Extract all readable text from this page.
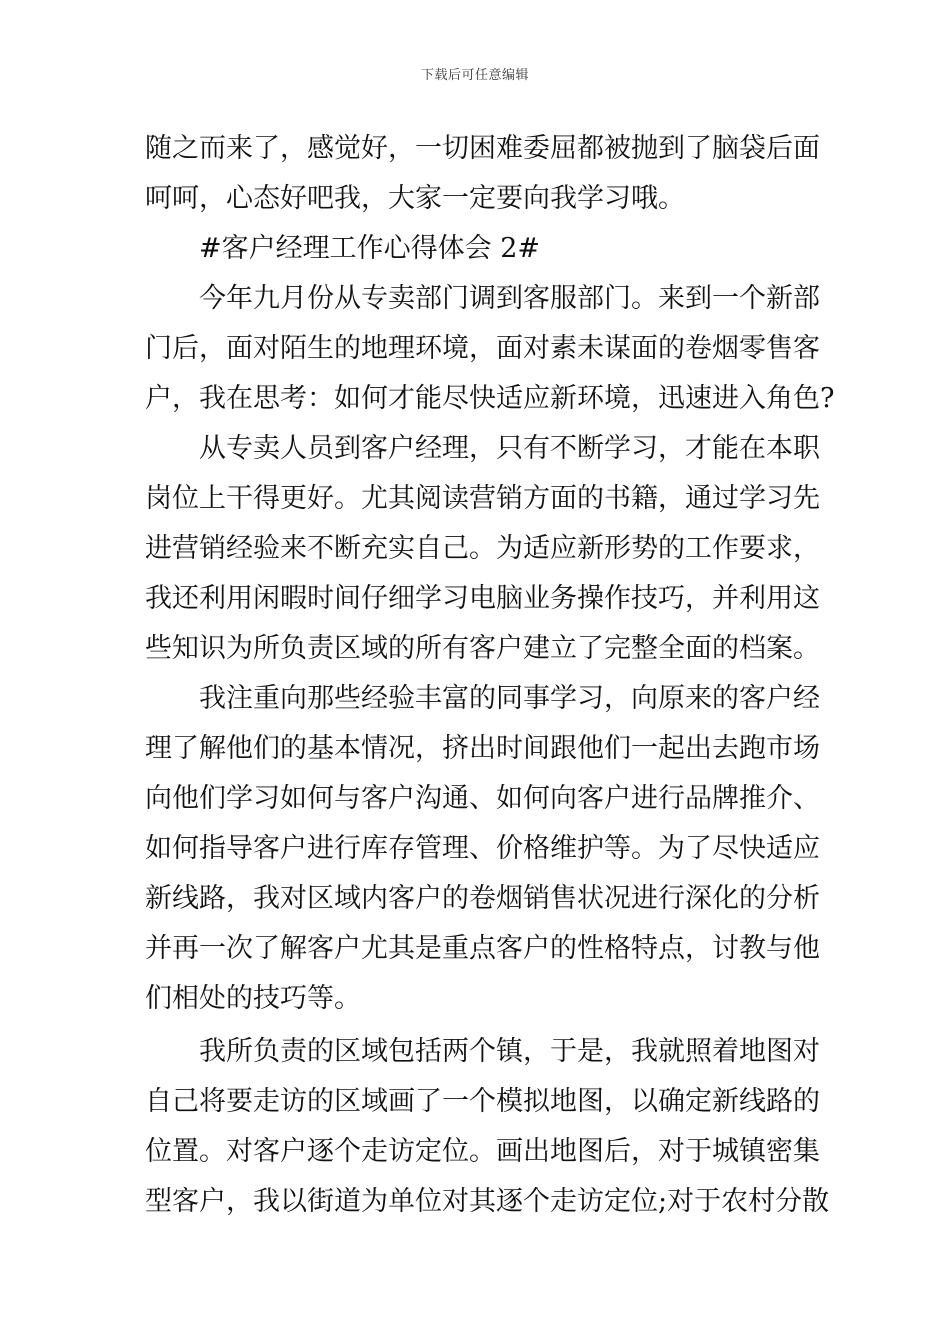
下载后可任意编辑
随之而来了，感觉好，一切困难委屈都被抛到了脑袋后面
呵呵，心态好吧我，大家一定要向我学习哦。
#客户经理工作心得体会 2#
今年九月份从专卖部门调到客服部门。来到一个新部
门后，面对陌生的地理环境，面对素未谋面的卷烟零售客
户，我在思考：如何才能尽快适应新环境，迅速进入角色?
从专卖人员到客户经理，只有不断学习，才能在本职
岗位上干得更好。尤其阅读营销方面的书籍，通过学习先
进营销经验来不断充实自己。为适应新形势的工作要求，
我还利用闲暇时间仔细学习电脑业务操作技巧，并利用这
些知识为所负责区域的所有客户建立了完整全面的档案。
我注重向那些经验丰富的同事学习，向原来的客户经
理了解他们的基本情况，挤出时间跟他们一起出去跑市场
向他们学习如何与客户沟通、如何向客户进行品牌推介、
如何指导客户进行库存管理、价格维护等。为了尽快适应
新线路，我对区域内客户的卷烟销售状况进行深化的分析
并再一次了解客户尤其是重点客户的性格特点，讨教与他
们相处的技巧等。
我所负责的区域包括两个镇，于是，我就照着地图对
自己将要走访的区域画了一个模拟地图，以确定新线路的
位置。对客户逐个走访定位。画出地图后，对于城镇密集
型客户，我以街道为单位对其逐个走访定位;对于农村分散
